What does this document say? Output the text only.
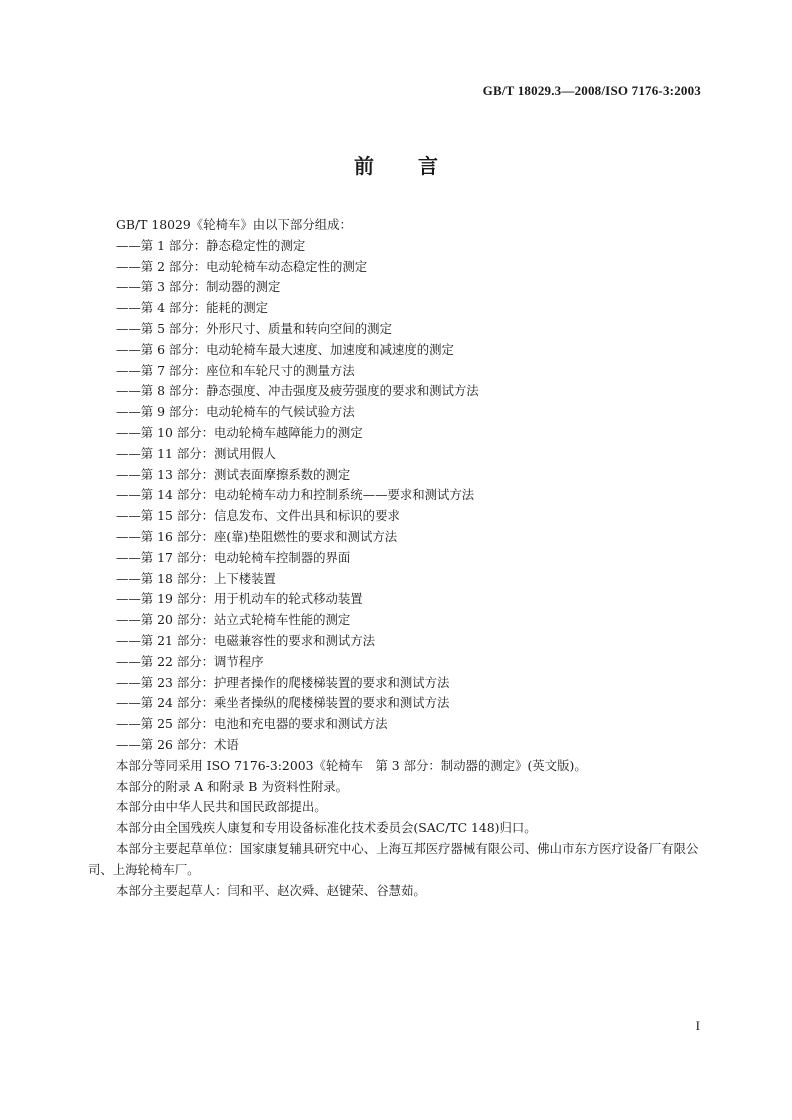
GB/T 18029.3—2008/ISO 7176-3:2003
前言

GB/T 18029《轮椅车》由以下部分组成：

——第 1 部分：静态稳定性的测定
——第 2 部分：电动轮椅车动态稳定性的测定
——第 3 部分：制动器的测定
——第 4 部分：能耗的测定
——第 5 部分：外形尺寸、质量和转向空间的测定
——第 6 部分：电动轮椅车最大速度、加速度和减速度的测定
——第 7 部分：座位和车轮尺寸的测量方法
——第 8 部分：静态强度、冲击强度及疲劳强度的要求和测试方法
——第 9 部分：电动轮椅车的气候试验方法
——第 10 部分：电动轮椅车越障能力的测定
——第 11 部分：测试用假人
——第 13 部分：测试表面摩擦系数的测定
——第 14 部分：电动轮椅车动力和控制系统——要求和测试方法
——第 15 部分：信息发布、文件出具和标识的要求
——第 16 部分：座(靠)垫阻燃性的要求和测试方法
——第 17 部分：电动轮椅车控制器的界面
——第 18 部分：上下楼装置
——第 19 部分：用于机动车的轮式移动装置
——第 20 部分：站立式轮椅车性能的测定
——第 21 部分：电磁兼容性的要求和测试方法
——第 22 部分：调节程序
——第 23 部分：护理者操作的爬楼梯装置的要求和测试方法
——第 24 部分：乘坐者操纵的爬楼梯装置的要求和测试方法
——第 25 部分：电池和充电器的要求和测试方法
——第 26 部分：术语

本部分等同采用 ISO 7176-3:2003《轮椅车　第 3 部分：制动器的测定》(英文版)。

本部分的附录 A 和附录 B 为资料性附录。

本部分由中华人民共和国民政部提出。

本部分由全国残疾人康复和专用设备标准化技术委员会(SAC/TC 148)归口。

本部分主要起草单位：国家康复辅具研究中心、上海互邦医疗器械有限公司、佛山市东方医疗设备厂有限公司、上海轮椅车厂。

本部分主要起草人：闫和平、赵次舜、赵键荣、谷慧茹。

I
